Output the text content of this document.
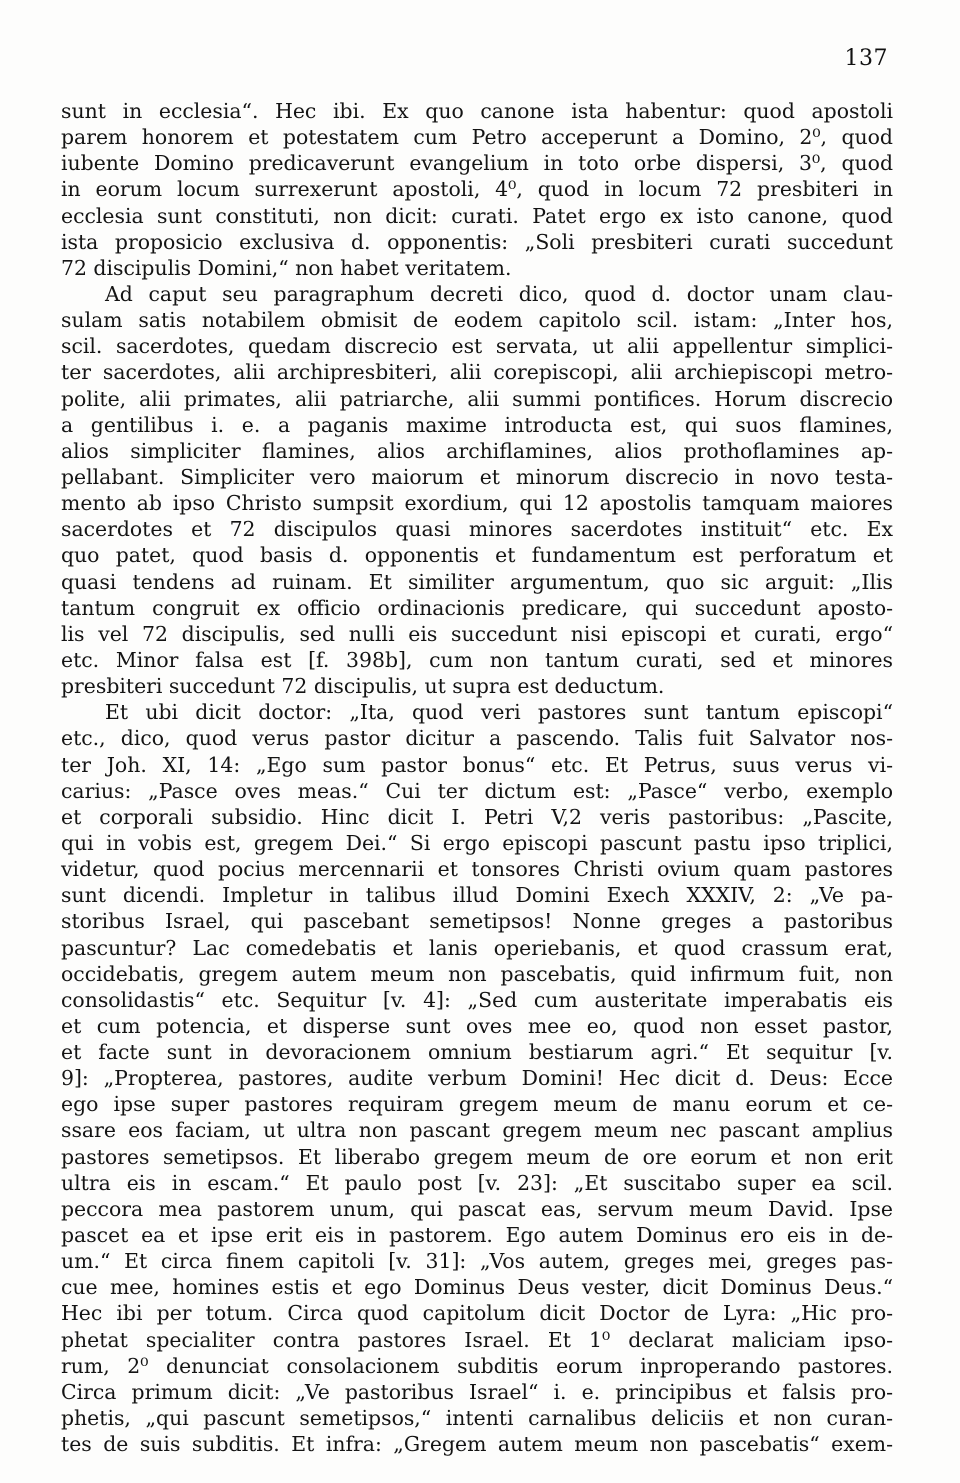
137
sunt in ecclesia“. Hec ibi. Ex quo canone ista habentur: quod apostoli
parem honorem et potestatem cum Petro acceperunt a Domino, 2⁰, quod
iubente Domino predicaverunt evangelium in toto orbe dispersi, 3⁰, quod
in eorum locum surrexerunt apostoli, 4⁰, quod in locum 72 presbiteri in
ecclesia sunt constituti, non dicit: curati. Patet ergo ex isto canone, quod
ista proposicio exclusiva d. opponentis: „Soli presbiteri curati succedunt
72 discipulis Domini,“ non habet veritatem.
Ad caput seu paragraphum decreti dico, quod d. doctor unam clau-
sulam satis notabilem obmisit de eodem capitolo scil. istam: „Inter hos,
scil. sacerdotes, quedam discrecio est servata, ut alii appellentur simplici-
ter sacerdotes, alii archipresbiteri, alii corepiscopi, alii archiepiscopi metro-
polite, alii primates, alii patriarche, alii summi pontifices. Horum discrecio
a gentilibus i. e. a paganis maxime introducta est, qui suos flamines,
alios simpliciter flamines, alios archiflamines, alios prothoflamines ap-
pellabant. Simpliciter vero maiorum et minorum discrecio in novo testa-
mento ab ipso Christo sumpsit exordium, qui 12 apostolis tamquam maiores
sacerdotes et 72 discipulos quasi minores sacerdotes instituit“ etc. Ex
quo patet, quod basis d. opponentis et fundamentum est perforatum et
quasi tendens ad ruinam. Et similiter argumentum, quo sic arguit: „Ilis
tantum congruit ex officio ordinacionis predicare, qui succedunt aposto-
lis vel 72 discipulis, sed nulli eis succedunt nisi episcopi et curati, ergo“
etc. Minor falsa est [f. 398b], cum non tantum curati, sed et minores
presbiteri succedunt 72 discipulis, ut supra est deductum.
Et ubi dicit doctor: „Ita, quod veri pastores sunt tantum episcopi“
etc., dico, quod verus pastor dicitur a pascendo. Talis fuit Salvator nos-
ter Joh. XI, 14: „Ego sum pastor bonus“ etc. Et Petrus, suus verus vi-
carius: „Pasce oves meas.“ Cui ter dictum est: „Pasce“ verbo, exemplo
et corporali subsidio. Hinc dicit I. Petri V,2 veris pastoribus: „Pascite,
qui in vobis est, gregem Dei.“ Si ergo episcopi pascunt pastu ipso triplici,
videtur, quod pocius mercennarii et tonsores Christi ovium quam pastores
sunt dicendi. Impletur in talibus illud Domini Exech XXXIV, 2: „Ve pa-
storibus Israel, qui pascebant semetipsos! Nonne greges a pastoribus
pascuntur? Lac comedebatis et lanis operiebanis, et quod crassum erat,
occidebatis, gregem autem meum non pascebatis, quid infirmum fuit, non
consolidastis“ etc. Sequitur [v. 4]: „Sed cum austeritate imperabatis eis
et cum potencia, et disperse sunt oves mee eo, quod non esset pastor,
et facte sunt in devoracionem omnium bestiarum agri.“ Et sequitur [v.
9]: „Propterea, pastores, audite verbum Domini! Hec dicit d. Deus: Ecce
ego ipse super pastores requiram gregem meum de manu eorum et ce-
ssare eos faciam, ut ultra non pascant gregem meum nec pascant amplius
pastores semetipsos. Et liberabo gregem meum de ore eorum et non erit
ultra eis in escam.“ Et paulo post [v. 23]: „Et suscitabo super ea scil.
peccora mea pastorem unum, qui pascat eas, servum meum David. Ipse
pascet ea et ipse erit eis in pastorem. Ego autem Dominus ero eis in de-
um.“ Et circa finem capitoli [v. 31]: „Vos autem, greges mei, greges pas-
cue mee, homines estis et ego Dominus Deus vester, dicit Dominus Deus.“
Hec ibi per totum. Circa quod capitolum dicit Doctor de Lyra: „Hic pro-
phetat specialiter contra pastores Israel. Et 1⁰ declarat maliciam ipso-
rum, 2⁰ denunciat consolacionem subditis eorum inproperando pastores.
Circa primum dicit: „Ve pastoribus Israel“ i. e. principibus et falsis pro-
phetis, „qui pascunt semetipsos,“ intenti carnalibus deliciis et non curan-
tes de suis subditis. Et infra: „Gregem autem meum non pascebatis“ exem-
